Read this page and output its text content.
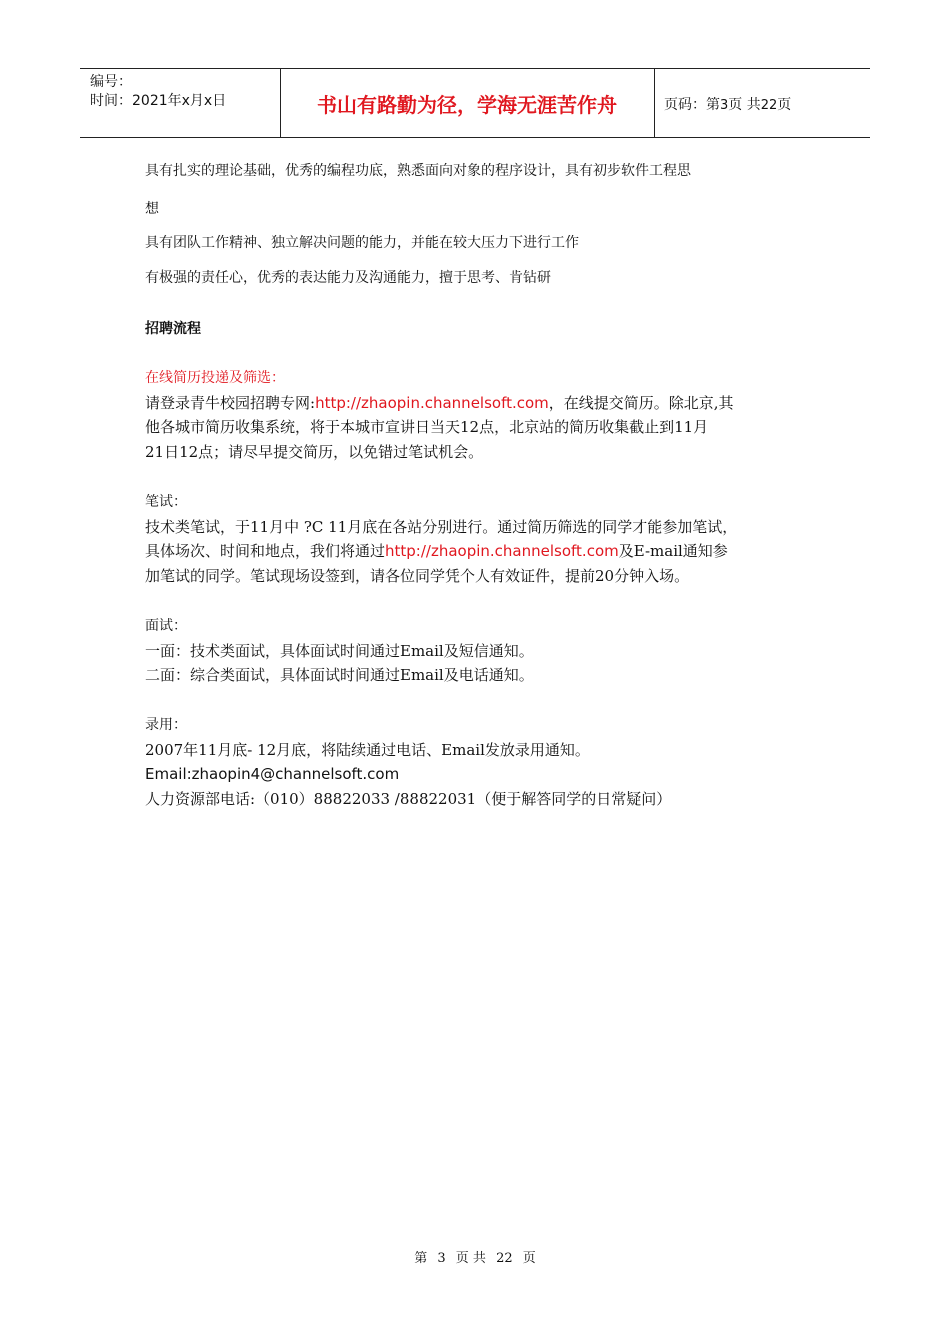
编号：
时间：2021年x月x日	书山有路勤为径，学海无涯苦作舟	页码：第3页 共22页
具有扎实的理论基础，优秀的编程功底，熟悉面向对象的程序设计，具有初步软件工程思
想
具有团队工作精神、独立解决问题的能力，并能在较大压力下进行工作
有极强的责任心，优秀的表达能力及沟通能力，擅于思考、肯钻研
招聘流程
在线简历投递及筛选：
请登录青牛校园招聘专网:http://zhaopin.channelsoft.com，在线提交简历。除北京,其
他各城市简历收集系统，将于本城市宣讲日当天12点，北京站的简历收集截止到11月
21日12点；请尽早提交简历，以免错过笔试机会。
笔试：
技术类笔试，于11月中 ?C 11月底在各站分别进行。通过简历筛选的同学才能参加笔试，
具体场次、时间和地点，我们将通过http://zhaopin.channelsoft.com及E-mail通知参
加笔试的同学。笔试现场设签到，请各位同学凭个人有效证件，提前20分钟入场。
面试：
一面：技术类面试，具体面试时间通过Email及短信通知。
二面：综合类面试，具体面试时间通过Email及电话通知。
录用：
2007年11月底- 12月底，将陆续通过电话、Email发放录用通知。
Email:zhaopin4@channelsoft.com
人力资源部电话:（010）88822033 /88822031（便于解答同学的日常疑问）
第 3 页 共 22 页
